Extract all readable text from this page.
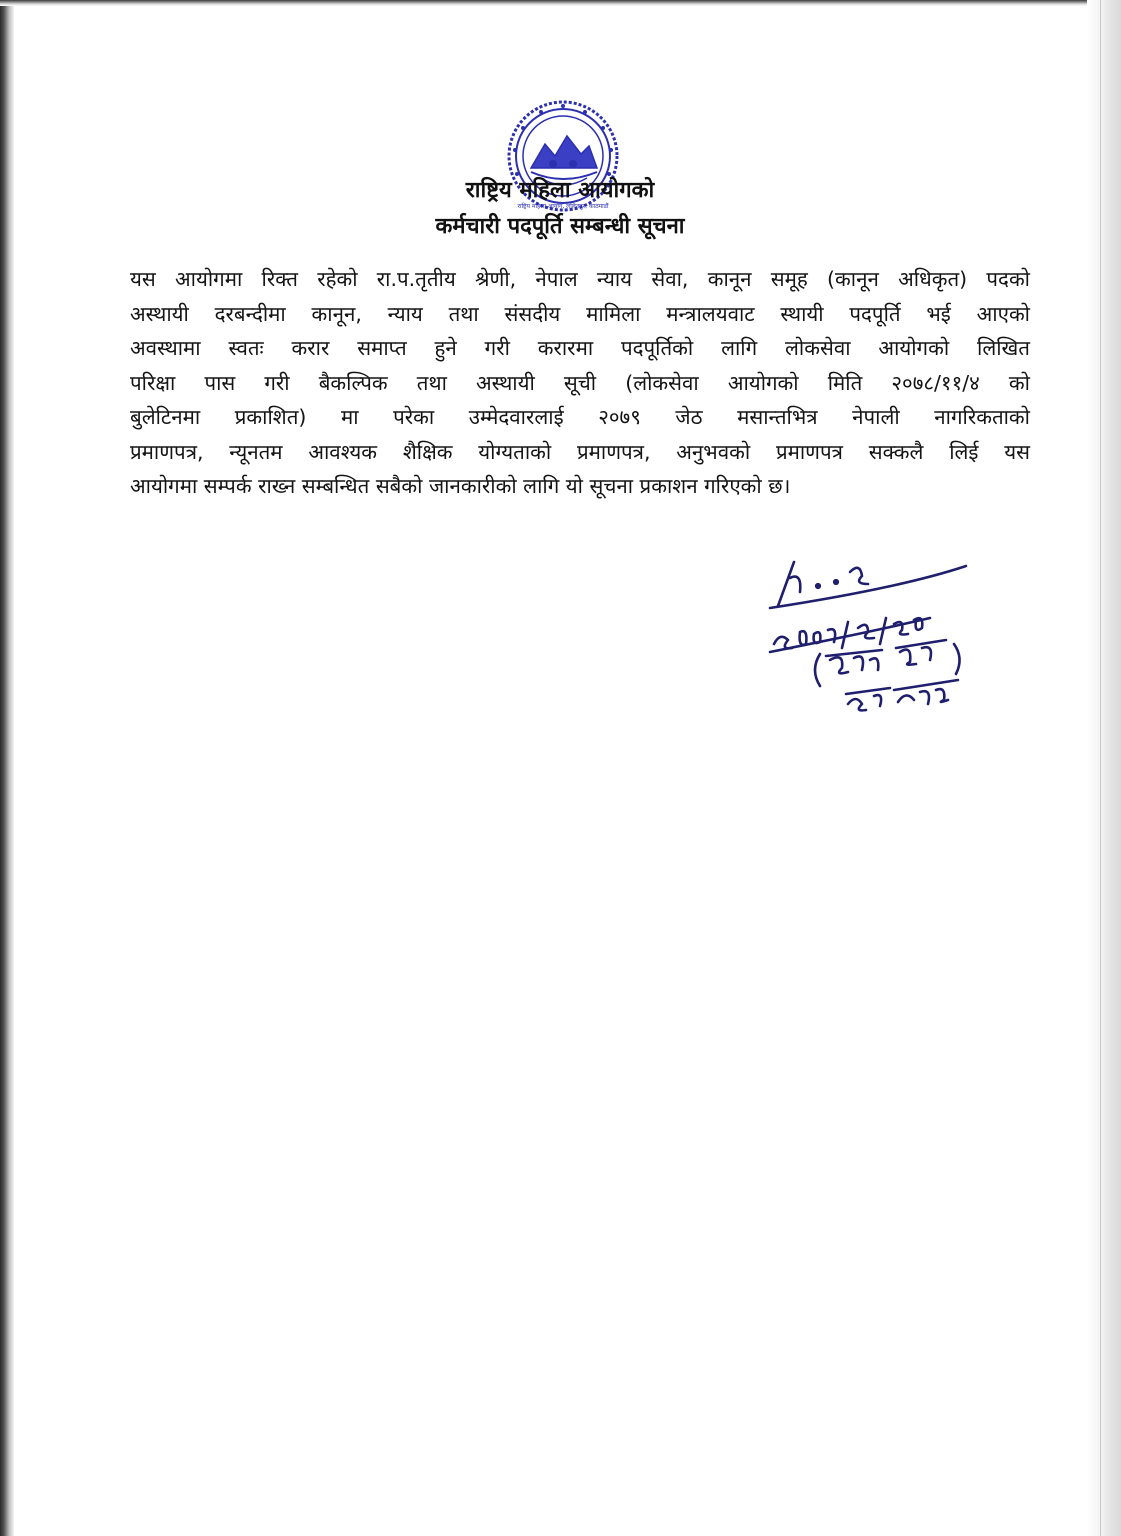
राष्ट्रिय महिला आयोग, ललितपुर, काठमाडौं
राष्ट्रिय महिला आयोगको
कर्मचारी पदपूर्ति सम्बन्धी सूचना
यस आयोगमा रिक्त रहेको रा.प.तृतीय श्रेणी, नेपाल न्याय सेवा, कानून समूह (कानून अधिकृत) पदको
अस्थायी दरबन्दीमा कानून, न्याय तथा संसदीय मामिला मन्त्रालयवाट स्थायी पदपूर्ति भई आएको
अवस्थामा स्वतः करार समाप्त हुने गरी करारमा पदपूर्तिको लागि लोकसेवा आयोगको लिखित
परिक्षा पास गरी बैकल्पिक तथा अस्थायी सूची (लोकसेवा आयोगको मिति २०७८/११/४ को
बुलेटिनमा प्रकाशित) मा परेका उम्मेदवारलाई २०७९ जेठ मसान्तभित्र नेपाली नागरिकताको
प्रमाणपत्र, न्यूनतम आवश्यक शैक्षिक योग्यताको प्रमाणपत्र, अनुभवको प्रमाणपत्र सक्कलै लिई यस
आयोगमा सम्पर्क राख्न सम्बन्धित सबैको जानकारीको लागि यो सूचना प्रकाशन गरिएको छ।
